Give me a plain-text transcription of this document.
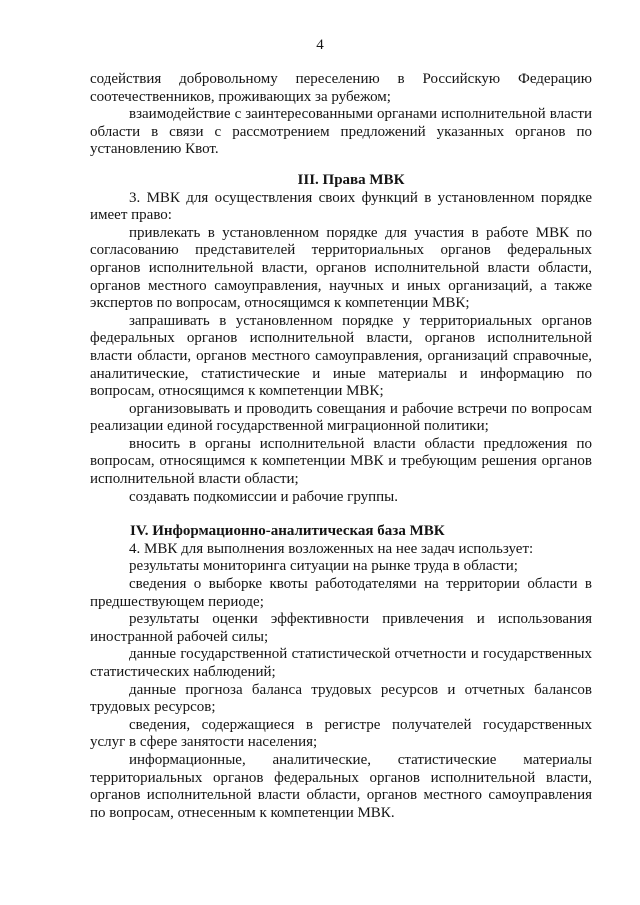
4

содействия добровольному переселению в Российскую Федерацию соотечественников, проживающих за рубежом;

взаимодействие с заинтересованными органами исполнительной власти области в связи с рассмотрением предложений указанных органов по установлению Квот.

III. Права МВК

3. МВК для осуществления своих функций в установленном порядке имеет право:

привлекать в установленном порядке для участия в работе МВК по согласованию представителей территориальных органов федеральных органов исполнительной власти, органов исполнительной власти области, органов местного самоуправления, научных и иных организаций, а также экспертов по вопросам, относящимся к компетенции МВК;

запрашивать в установленном порядке у территориальных органов федеральных органов исполнительной власти, органов исполнительной власти области, органов местного самоуправления, организаций справочные, аналитические, статистические и иные материалы и информацию по вопросам, относящимся к компетенции МВК;

организовывать и проводить совещания и рабочие встречи по вопросам реализации единой государственной миграционной политики;

вносить в органы исполнительной власти области предложения по вопросам, относящимся к компетенции МВК и требующим решения органов исполнительной власти области;

создавать подкомиссии и рабочие группы.

IV. Информационно-аналитическая база МВК

4. МВК для выполнения возложенных на нее задач использует:

результаты мониторинга ситуации на рынке труда в области;

сведения о выборке квоты работодателями на территории области в предшествующем периоде;

результаты оценки эффективности привлечения и использования иностранной рабочей силы;

данные государственной статистической отчетности и государственных статистических наблюдений;

данные прогноза баланса трудовых ресурсов и отчетных балансов трудовых ресурсов;

сведения, содержащиеся в регистре получателей государственных услуг в сфере занятости населения;

информационные, аналитические, статистические материалы территориальных органов федеральных органов исполнительной власти, органов исполнительной власти области, органов местного самоуправления по вопросам, отнесенным к компетенции МВК.
